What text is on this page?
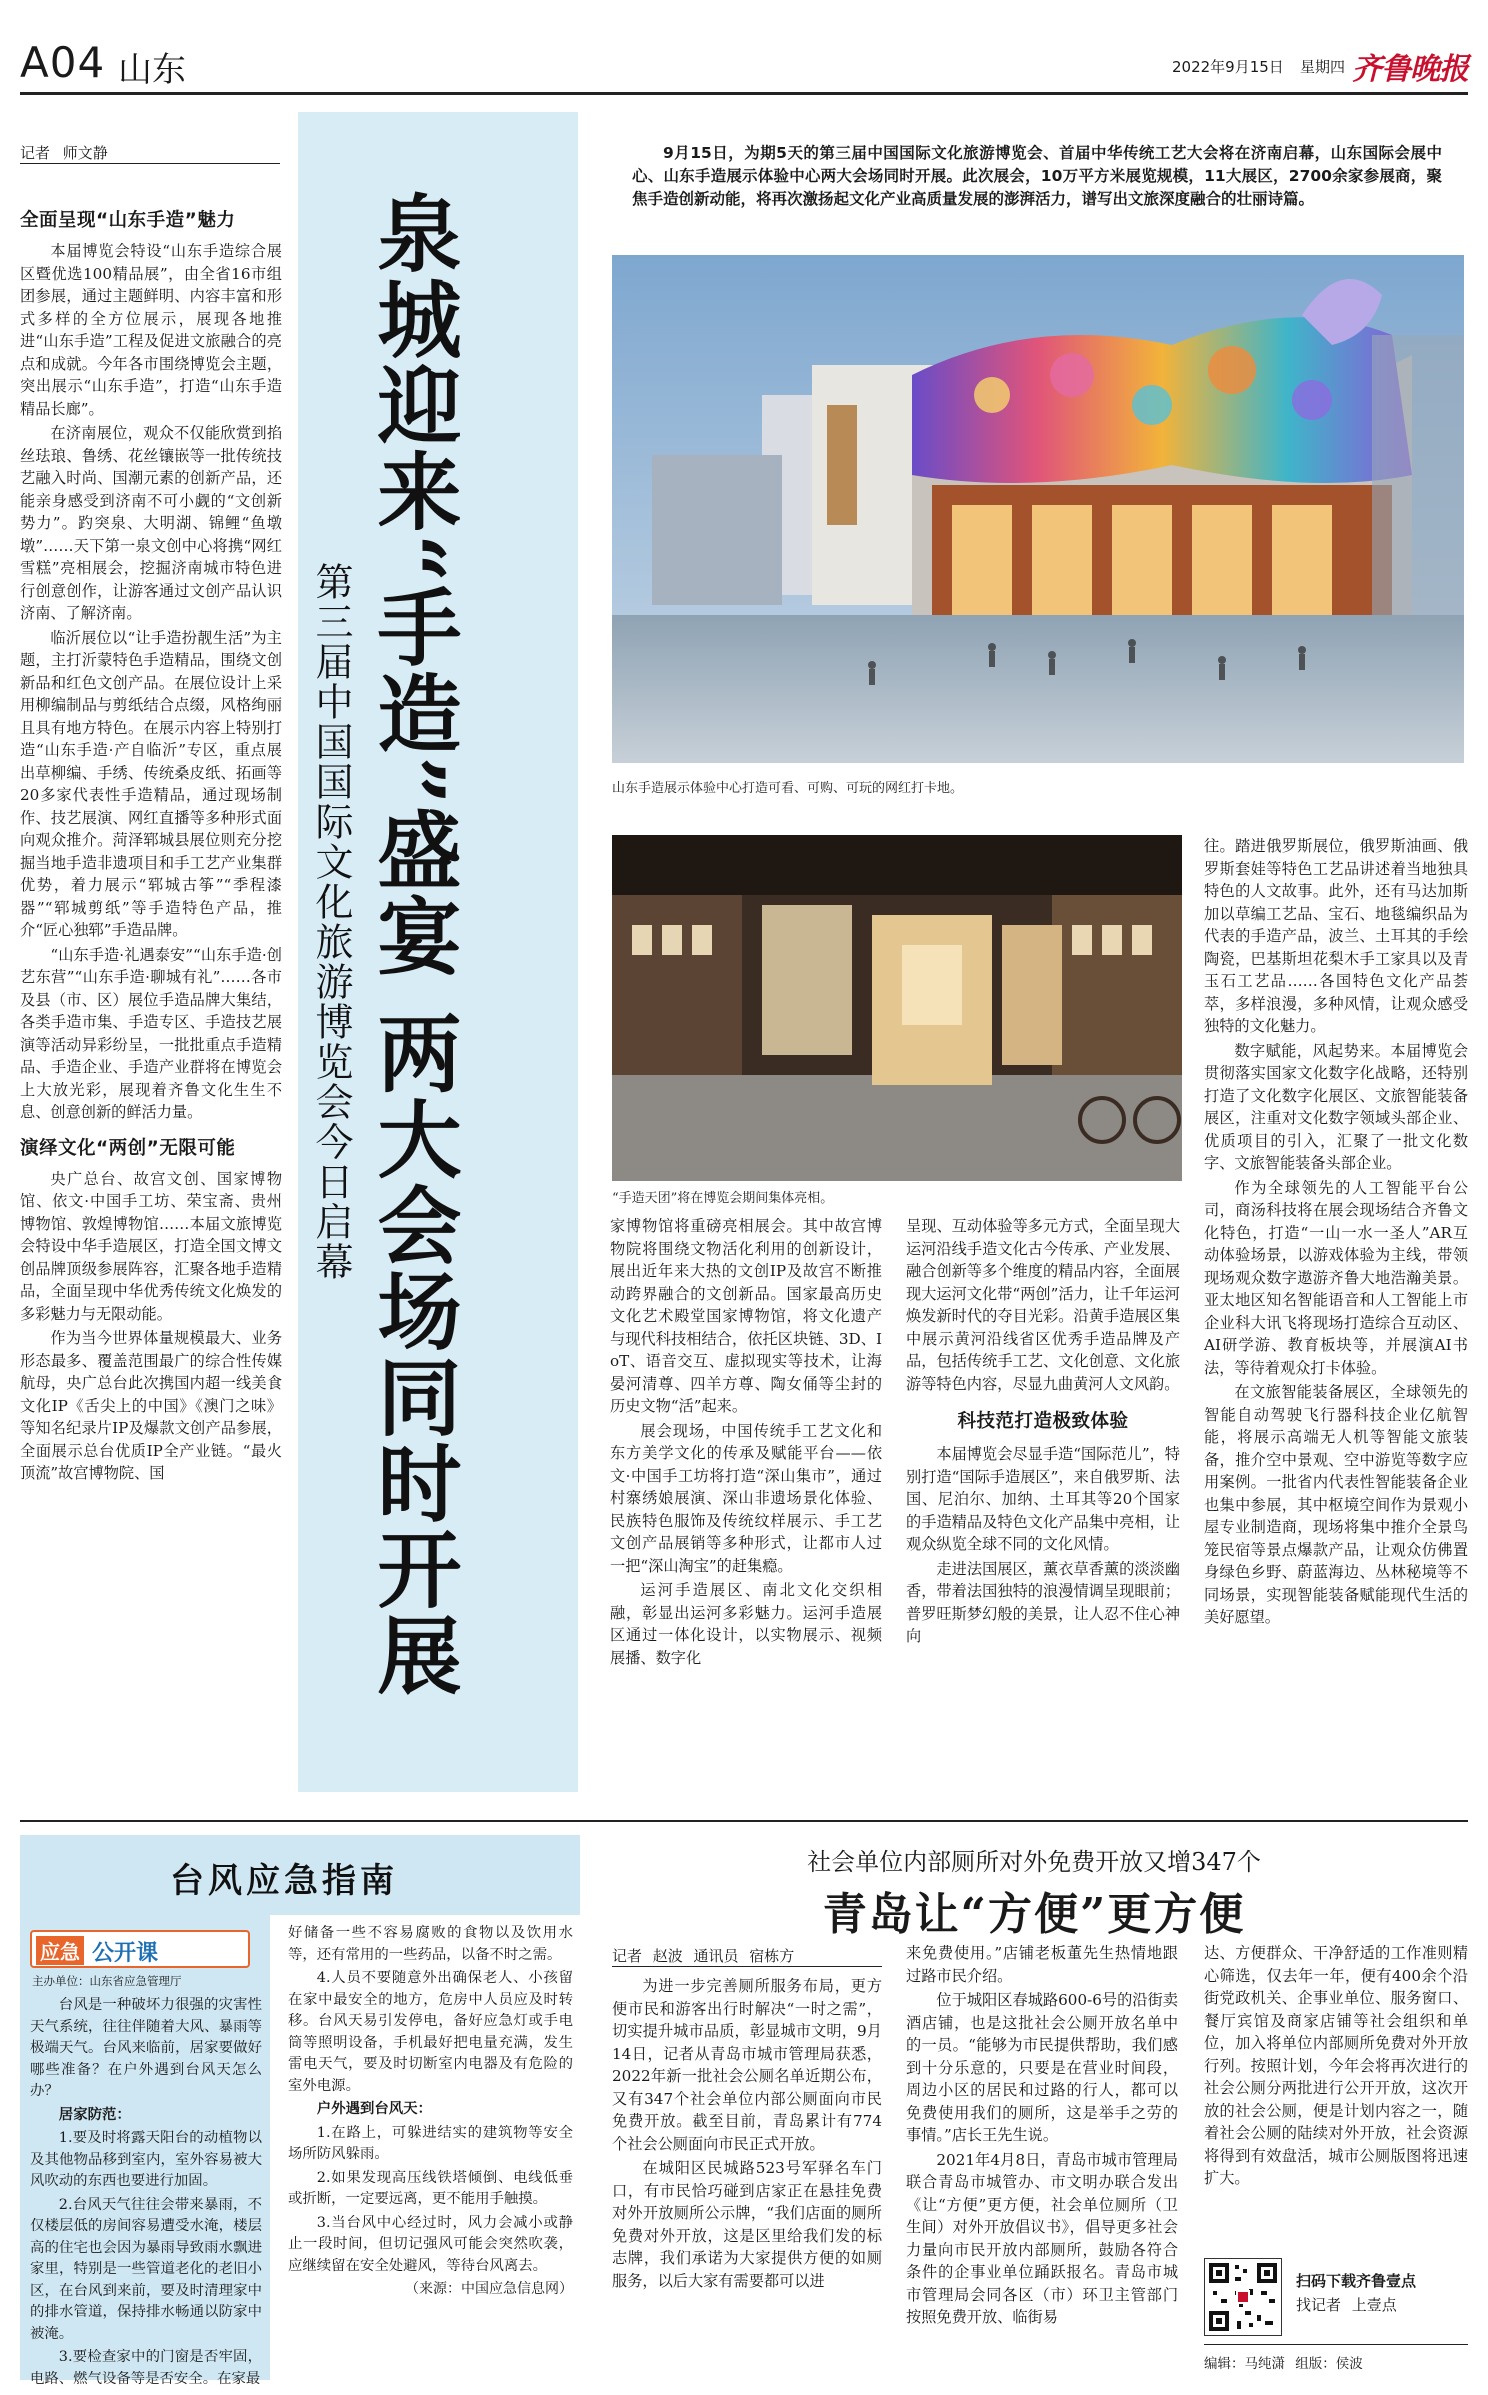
A04 山东	2022年9月15日 星期四 齐鲁晚报
记者 师文静
泉城迎来“手造”盛宴 两大会场同时开展
第三届中国国际文化旅游博览会今日启幕
9月15日，为期5天的第三届中国国际文化旅游博览会、首届中华传统工艺大会将在济南启幕，山东国际会展中心、山东手造展示体验中心两大会场同时开展。此次展会，10万平方米展览规模，11大展区，2700余家参展商，聚焦手造创新动能，将再次激扬起文化产业高质量发展的澎湃活力，谱写出文旅深度融合的壮丽诗篇。
山东手造展示体验中心打造可看、可购、可玩的网红打卡地。
“手造天团”将在博览会期间集体亮相。
全面呈现“山东手造”魅力

本届博览会特设“山东手造综合展区暨优选100精品展”，由全省16市组团参展，通过主题鲜明、内容丰富和形式多样的全方位展示，展现各地推进“山东手造”工程及促进文旅融合的亮点和成就。今年各市围绕博览会主题，突出展示“山东手造”，打造“山东手造精品长廊”。

在济南展位，观众不仅能欣赏到掐丝珐琅、鲁绣、花丝镶嵌等一批传统技艺融入时尚、国潮元素的创新产品，还能亲身感受到济南不可小觑的“文创新势力”。趵突泉、大明湖、锦鲤“鱼墩墩”……天下第一泉文创中心将携“网红雪糕”亮相展会，挖掘济南城市特色进行创意创作，让游客通过文创产品认识济南、了解济南。

临沂展位以“让手造扮靓生活”为主题，主打沂蒙特色手造精品，围绕文创新品和红色文创产品。在展位设计上采用柳编制品与剪纸结合点缀，风格绚丽且具有地方特色。在展示内容上特别打造“山东手造·产自临沂”专区，重点展出草柳编、手绣、传统桑皮纸、拓画等20多家代表性手造精品，通过现场制作、技艺展演、网红直播等多种形式面向观众推介。菏泽郓城县展位则充分挖掘当地手造非遗项目和手工艺产业集群优势，着力展示“郓城古筝”“季程漆器”“郓城剪纸”等手造特色产品，推介“匠心独郓”手造品牌。

“山东手造·礼遇泰安”“山东手造·创艺东营”“山东手造·聊城有礼”……各市及县（市、区）展位手造品牌大集结，各类手造市集、手造专区、手造技艺展演等活动异彩纷呈，一批批重点手造精品、手造企业、手造产业群将在博览会上大放光彩，展现着齐鲁文化生生不息、创意创新的鲜活力量。

演绎文化“两创”无限可能

央广总台、故宫文创、国家博物馆、依文·中国手工坊、荣宝斋、贵州博物馆、敦煌博物馆……本届文旅博览会特设中华手造展区，打造全国文博文创品牌顶级参展阵容，汇聚各地手造精品，全面呈现中华优秀传统文化焕发的多彩魅力与无限动能。

作为当今世界体量规模最大、业务形态最多、覆盖范围最广的综合性传媒航母，央广总台此次携国内超一线美食文化IP《舌尖上的中国》《澳门之味》等知名纪录片IP及爆款文创产品参展，全面展示总台优质IP全产业链。“最火顶流”故宫博物院、国

家博物馆将重磅亮相展会。其中故宫博物院将围绕文物活化利用的创新设计，展出近年来大热的文创IP及故宫不断推动跨界融合的文创新品。国家最高历史文化艺术殿堂国家博物馆，将文化遗产与现代科技相结合，依托区块链、3D、IoT、语音交互、虚拟现实等技术，让海晏河清尊、四羊方尊、陶女俑等尘封的历史文物“活”起来。

展会现场，中国传统手工艺文化和东方美学文化的传承及赋能平台——依文·中国手工坊将打造“深山集市”，通过村寨绣娘展演、深山非遗场景化体验、民族特色服饰及传统纹样展示、手工艺文创产品展销等多种形式，让都市人过一把“深山淘宝”的赶集瘾。

运河手造展区、南北文化交织相融，彰显出运河多彩魅力。运河手造展区通过一体化设计，以实物展示、视频展播、数字化

呈现、互动体验等多元方式，全面呈现大运河沿线手造文化古今传承、产业发展、融合创新等多个维度的精品内容，全面展现大运河文化带“两创”活力，让千年运河焕发新时代的夺目光彩。沿黄手造展区集中展示黄河沿线省区优秀手造品牌及产品，包括传统手工艺、文化创意、文化旅游等特色内容，尽显九曲黄河人文风韵。

科技范打造极致体验

本届博览会尽显手造“国际范儿”，特别打造“国际手造展区”，来自俄罗斯、法国、尼泊尔、加纳、土耳其等20个国家的手造精品及特色文化产品集中亮相，让观众纵览全球不同的文化风情。

走进法国展区，薰衣草香薰的淡淡幽香，带着法国独特的浪漫情调呈现眼前；普罗旺斯梦幻般的美景，让人忍不住心神向

往。踏进俄罗斯展位，俄罗斯油画、俄罗斯套娃等特色工艺品讲述着当地独具特色的人文故事。此外，还有马达加斯加以草编工艺品、宝石、地毯编织品为代表的手造产品，波兰、土耳其的手绘陶瓷，巴基斯坦花梨木手工家具以及青玉石工艺品……各国特色文化产品荟萃，多样浪漫，多种风情，让观众感受独特的文化魅力。

数字赋能，风起势来。本届博览会贯彻落实国家文化数字化战略，还特别打造了文化数字化展区、文旅智能装备展区，注重对文化数字领域头部企业、优质项目的引入，汇聚了一批文化数字、文旅智能装备头部企业。

作为全球领先的人工智能平台公司，商汤科技将在展会现场结合齐鲁文化特色，打造“一山一水一圣人”AR互动体验场景，以游戏体验为主线，带领现场观众数字遨游齐鲁大地浩瀚美景。亚太地区知名智能语音和人工智能上市企业科大讯飞将现场打造综合互动区、AI研学游、教育板块等，并展演AI书法，等待着观众打卡体验。

在文旅智能装备展区，全球领先的智能自动驾驶飞行器科技企业亿航智能，将展示高端无人机等智能文旅装备，推介空中景观、空中游览等数字应用案例。一批省内代表性智能装备企业也集中参展，其中枢境空间作为景观小屋专业制造商，现场将集中推介全景鸟笼民宿等景点爆款产品，让观众仿佛置身绿色乡野、蔚蓝海边、丛林秘境等不同场景，实现智能装备赋能现代生活的美好愿望。

台风应急指南
应急 公开课
主办单位：山东省应急管理厅

台风是一种破坏力很强的灾害性天气系统，往往伴随着大风、暴雨等极端天气。台风来临前，居家要做好哪些准备？在户外遇到台风天怎么办？

居家防范：

1.要及时将露天阳台的动植物以及其他物品移到室内，室外容易被大风吹动的东西也要进行加固。

2.台风天气往往会带来暴雨，不仅楼层低的房间容易遭受水淹，楼层高的住宅也会因为暴雨导致雨水飘进家里，特别是一些管道老化的老旧小区，在台风到来前，要及时清理家中的排水管道，保持排水畅通以防家中被淹。

3.要检查家中的门窗是否牢固，电路、燃气设备等是否安全。在家最

好储备一些不容易腐败的食物以及饮用水等，还有常用的一些药品，以备不时之需。

4.人员不要随意外出确保老人、小孩留在家中最安全的地方，危房中人员应及时转移。台风天易引发停电，备好应急灯或手电筒等照明设备，手机最好把电量充满，发生雷电天气，要及时切断室内电器及有危险的室外电源。

户外遇到台风天：

1.在路上，可躲进结实的建筑物等安全场所防风躲雨。

2.如果发现高压线铁塔倾倒、电线低垂或折断，一定要远离，更不能用手触摸。

3.当台风中心经过时，风力会减小或静止一段时间，但切记强风可能会突然吹袭，应继续留在安全处避风，等待台风离去。

（来源：中国应急信息网）

社会单位内部厕所对外免费开放又增347个
青岛让“方便”更方便
记者 赵波 通讯员 宿栋方

为进一步完善厕所服务布局，更方便市民和游客出行时解决“一时之需”，切实提升城市品质，彰显城市文明，9月14日，记者从青岛市城市管理局获悉，2022年新一批社会公厕名单近期公布，又有347个社会单位内部公厕面向市民免费开放。截至目前，青岛累计有774个社会公厕面向市民正式开放。

在城阳区民城路523号军驿名车门口，有市民恰巧碰到店家正在悬挂免费对外开放厕所公示牌，“我们店面的厕所免费对外开放，这是区里给我们发的标志牌，我们承诺为大家提供方便的如厕服务，以后大家有需要都可以进

来免费使用。”店铺老板董先生热情地跟过路市民介绍。

位于城阳区春城路600-6号的沿街卖酒店铺，也是这批社会公厕开放名单中的一员。“能够为市民提供帮助，我们感到十分乐意的，只要是在营业时间段，周边小区的居民和过路的行人，都可以免费使用我们的厕所，这是举手之劳的事情。”店长王先生说。

2021年4月8日，青岛市城市管理局联合青岛市城管办、市文明办联合发出《让“方便”更方便，社会单位厕所（卫生间）对外开放倡议书》，倡导更多社会力量向市民开放内部厕所，鼓励各符合条件的企事业单位踊跃报名。青岛市城市管理局会同各区（市）环卫主管部门按照免费开放、临街易

达、方便群众、干净舒适的工作准则精心筛选，仅去年一年，便有400余个沿街党政机关、企事业单位、服务窗口、餐厅宾馆及商家店铺等社会组织和单位，加入将单位内部厕所免费对外开放行列。按照计划，今年会将再次进行的社会公厕分两批进行公开开放，这次开放的社会公厕，便是计划内容之一，随着社会公厕的陆续对外开放，社会资源将得到有效盘活，城市公厕版图将迅速扩大。

扫码下载齐鲁壹点
找记者 上壹点
编辑：马纯潇 组版：侯波
